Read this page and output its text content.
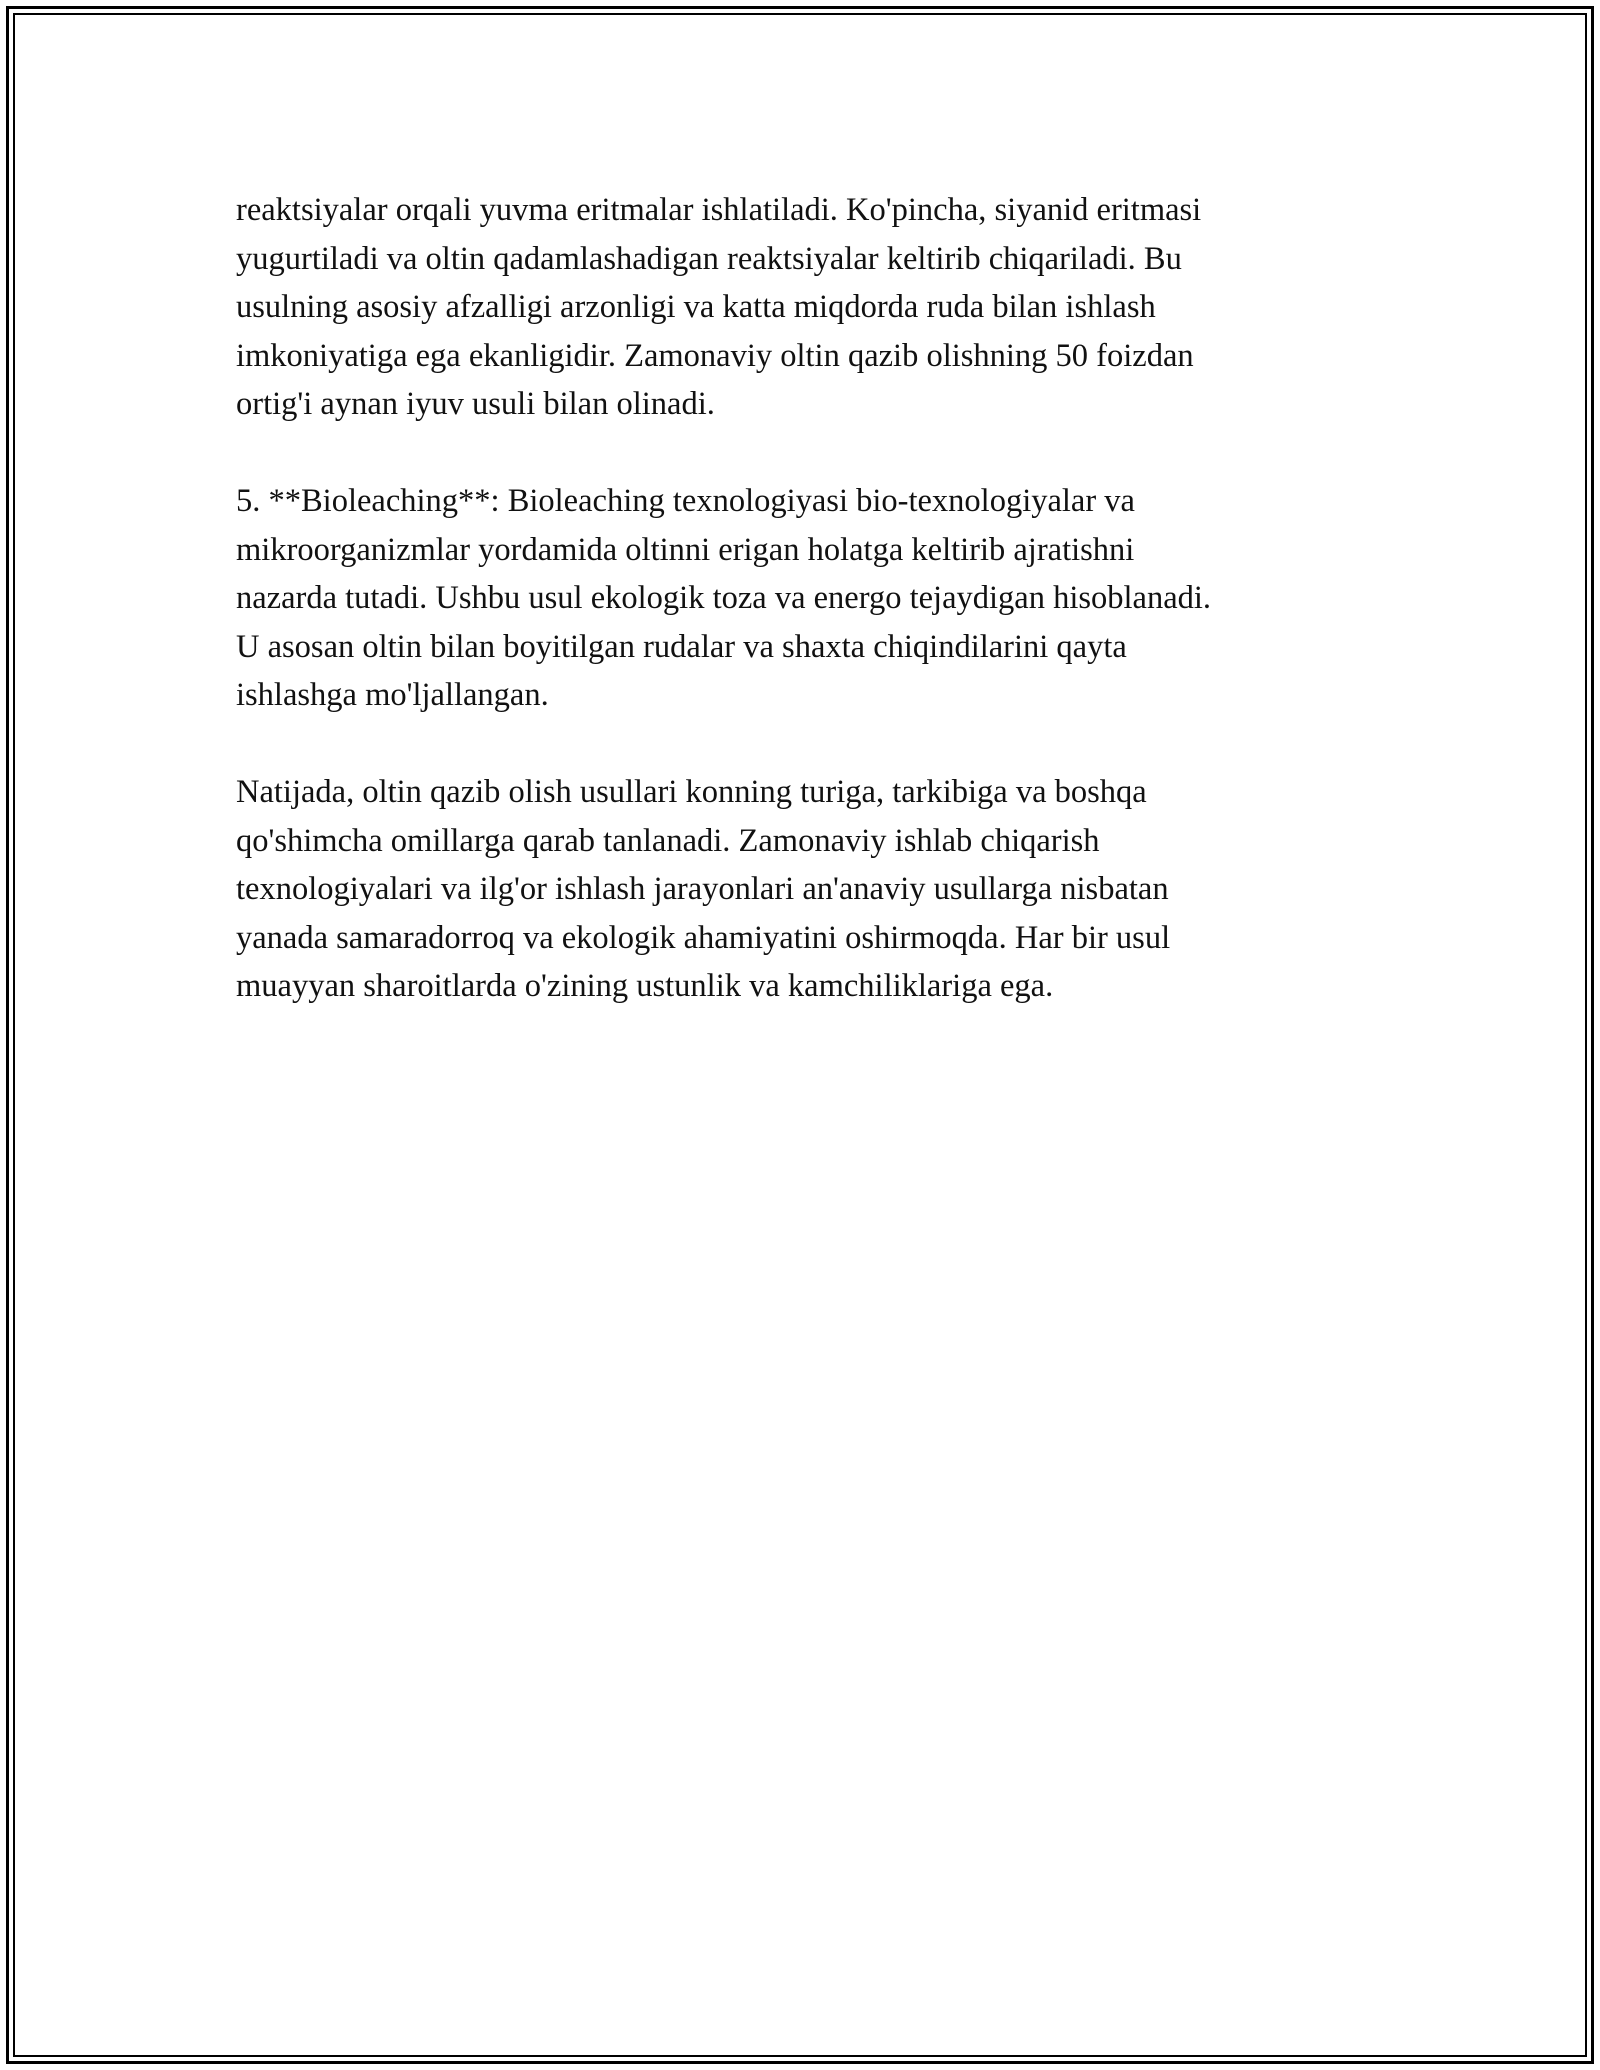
reaktsiyalar orqali yuvma eritmalar ishlatiladi. Ko'pincha, siyanid eritmasi
yugurtiladi va oltin qadamlashadigan reaktsiyalar keltirib chiqariladi. Bu
usulning asosiy afzalligi arzonligi va katta miqdorda ruda bilan ishlash
imkoniyatiga ega ekanligidir. Zamonaviy oltin qazib olishning 50 foizdan
ortig'i aynan iyuv usuli bilan olinadi.

5. **Bioleaching**: Bioleaching texnologiyasi bio-texnologiyalar va
mikroorganizmlar yordamida oltinni erigan holatga keltirib ajratishni
nazarda tutadi. Ushbu usul ekologik toza va energo tejaydigan hisoblanadi.
U asosan oltin bilan boyitilgan rudalar va shaxta chiqindilarini qayta
ishlashga mo'ljallangan.

Natijada, oltin qazib olish usullari konning turiga, tarkibiga va boshqa
qo'shimcha omillarga qarab tanlanadi. Zamonaviy ishlab chiqarish
texnologiyalari va ilg'or ishlash jarayonlari an'anaviy usullarga nisbatan
yanada samaradorroq va ekologik ahamiyatini oshirmoqda. Har bir usul
muayyan sharoitlarda o'zining ustunlik va kamchiliklariga ega.
